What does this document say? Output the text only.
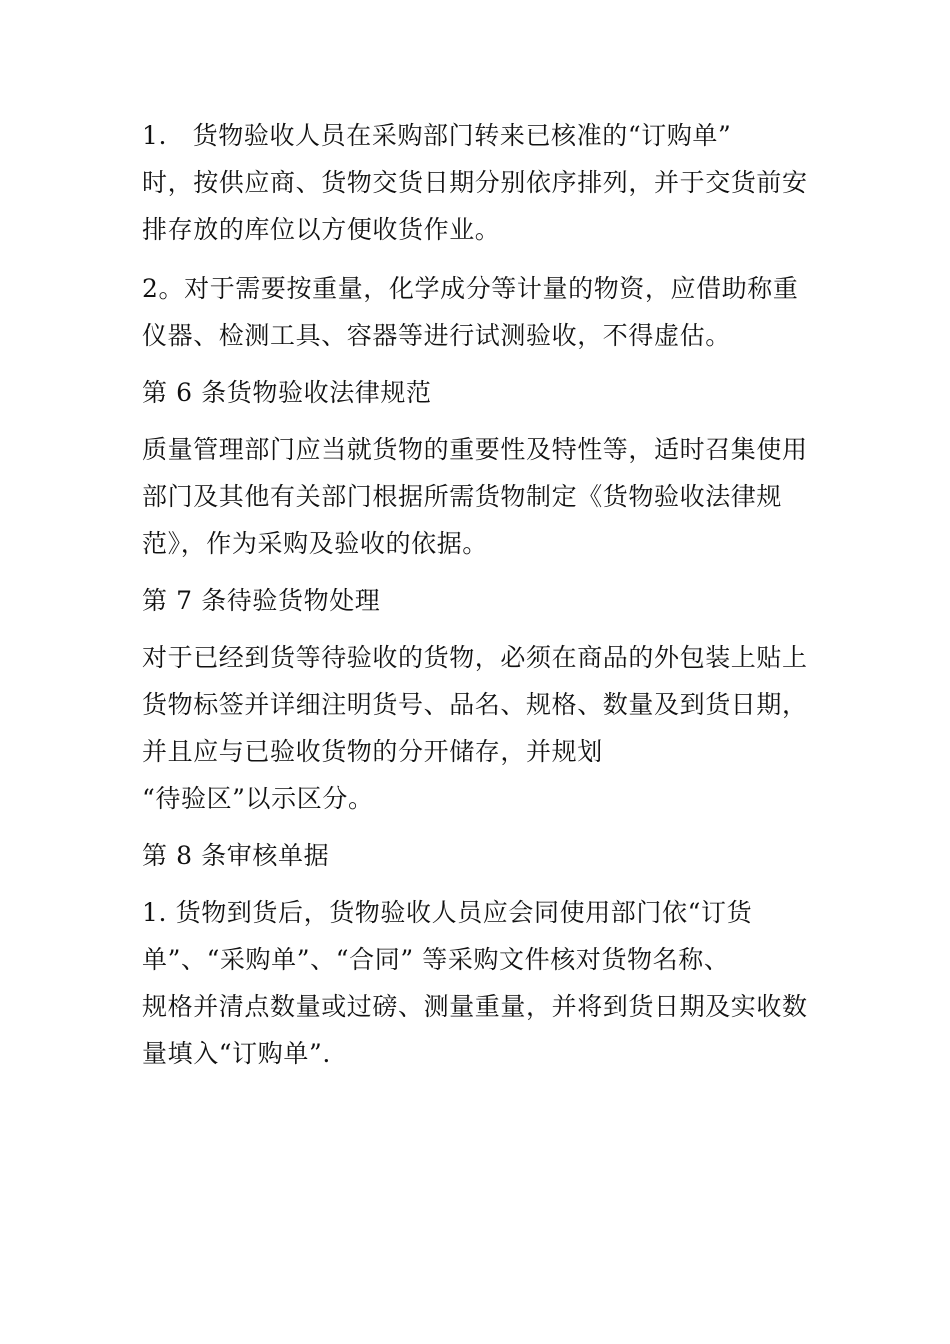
1.　货物验收人员在采购部门转来已核准的“订购单”
时，按供应商、货物交货日期分别依序排列，并于交货前安
排存放的库位以方便收货作业。

2。对于需要按重量，化学成分等计量的物资，应借助称重
仪器、检测工具、容器等进行试测验收，不得虚估。

第 6 条货物验收法律规范

质量管理部门应当就货物的重要性及特性等，适时召集使用
部门及其他有关部门根据所需货物制定《货物验收法律规
范》，作为采购及验收的依据。

第 7 条待验货物处理

对于已经到货等待验收的货物，必须在商品的外包装上贴上
货物标签并详细注明货号、品名、规格、数量及到货日期，
并且应与已验收货物的分开储存，并规划
“待验区”以示区分。

第 8 条审核单据

1. 货物到货后，货物验收人员应会同使用部门依“订货
单”、“采购单”、“合同” 等采购文件核对货物名称、
规格并清点数量或过磅、测量重量，并将到货日期及实收数
量填入“订购单”.
